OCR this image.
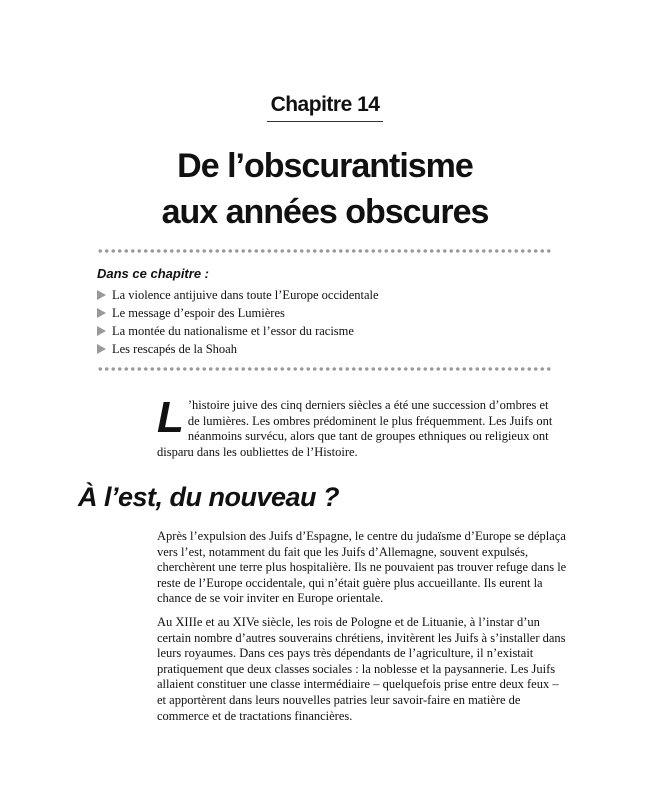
Chapitre 14
De l’obscurantisme
aux années obscures
Dans ce chapitre :
La violence antijuive dans toute l’Europe occidentale
Le message d’espoir des Lumières
La montée du nationalisme et l’essor du racisme
Les rescapés de la Shoah
L ’histoire juive des cinq derniers siècles a été une succession d’ombres et de lumières. Les ombres prédominent le plus fréquemment. Les Juifs ont néanmoins survécu, alors que tant de groupes ethniques ou religieux ont disparu dans les oubliettes de l’Histoire.
À l’est, du nouveau ?

Après l’expulsion des Juifs d’Espagne, le centre du judaïsme d’Europe se déplaça vers l’est, notamment du fait que les Juifs d’Allemagne, souvent expulsés, cherchèrent une terre plus hospitalière. Ils ne pouvaient pas trouver refuge dans le reste de l’Europe occidentale, qui n’était guère plus accueillante. Ils eurent la chance de se voir inviter en Europe orientale.

Au XIIIe et au XIVe siècle, les rois de Pologne et de Lituanie, à l’instar d’un certain nombre d’autres souverains chrétiens, invitèrent les Juifs à s’installer dans leurs royaumes. Dans ces pays très dépendants de l’agriculture, il n’existait pratiquement que deux classes sociales : la noblesse et la paysannerie. Les Juifs allaient constituer une classe intermédiaire – quelquefois prise entre deux feux – et apportèrent dans leurs nouvelles patries leur savoir-faire en matière de commerce et de tractations financières.
